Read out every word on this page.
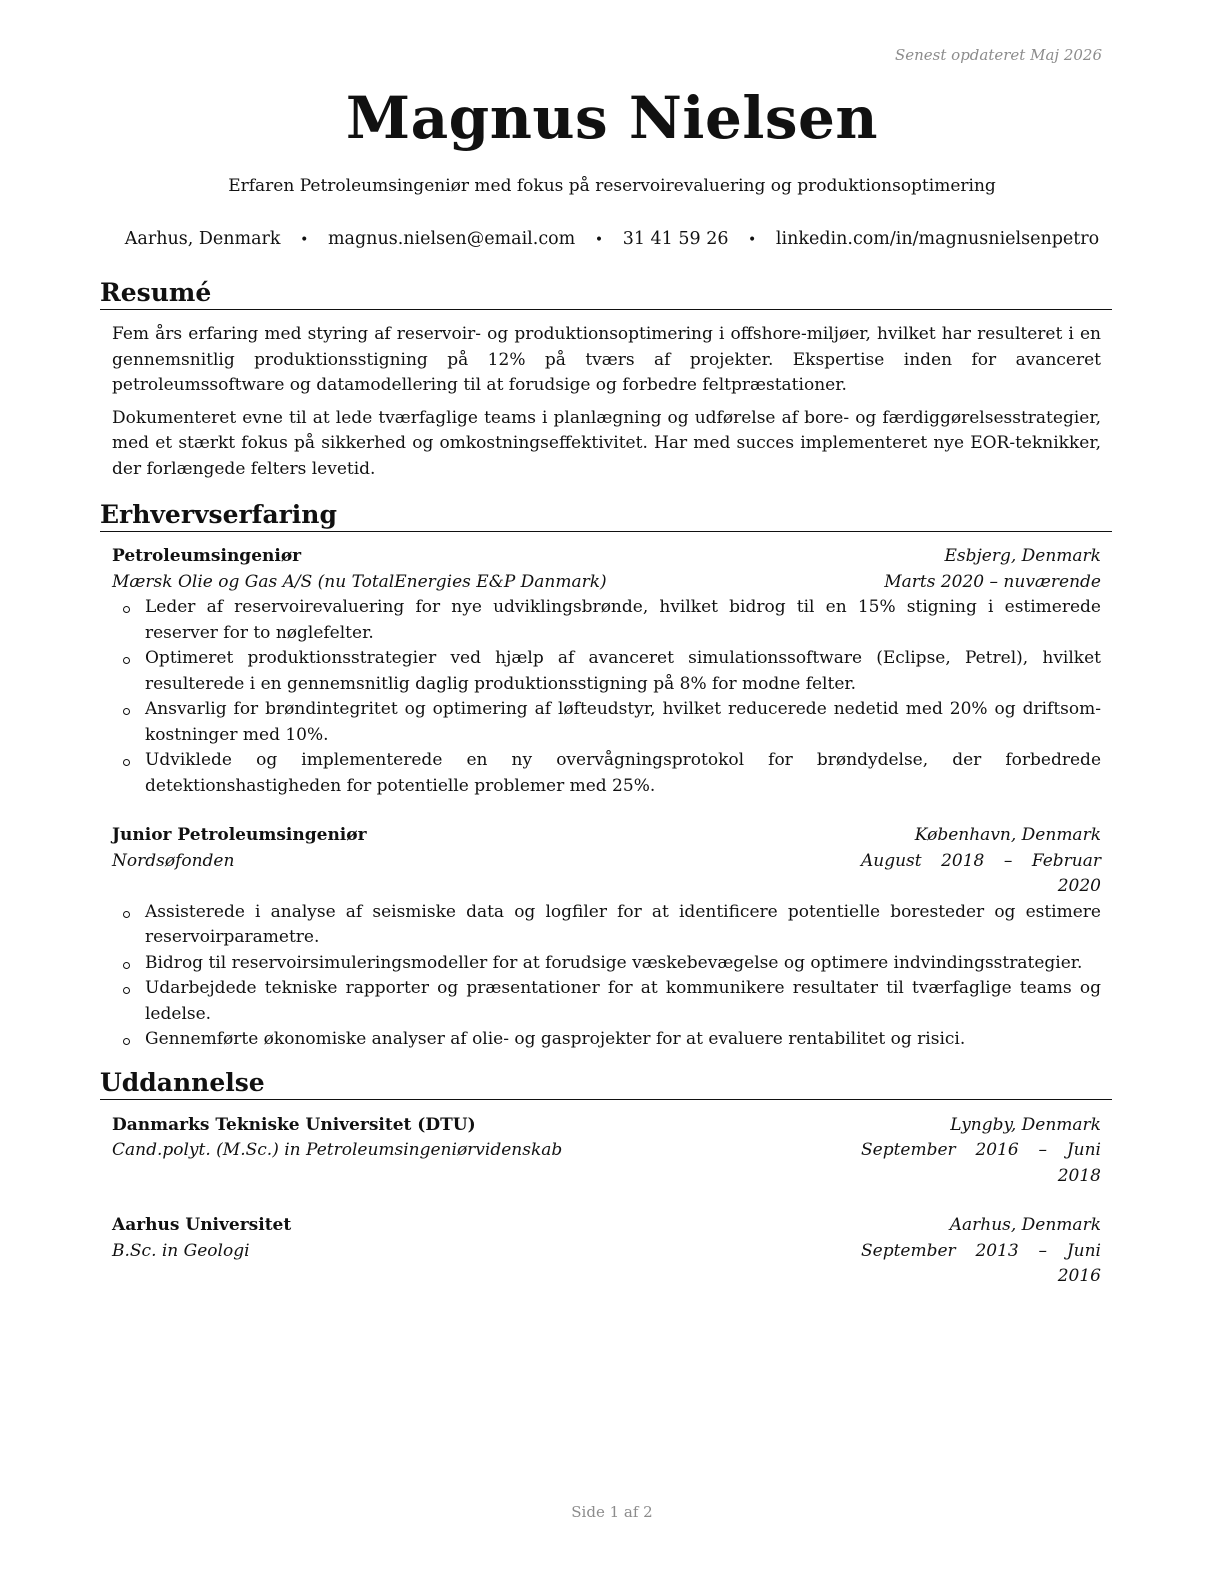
Senest opdateret Maj 2026
Magnus Nielsen
Erfaren Petroleumsingeniør med fokus på reservoirevaluering og produktionsoptimering
Aarhus, Denmark • magnus.nielsen@email.com • 31 41 59 26 • linkedin.com/in/magnusnielsenpetro
Resumé

Fem års erfaring med styring af reservoir- og produktionsoptimering i offshore-miljøer, hvilket har resulteret i en gennemsnitlig produktionsstigning på 12% på tværs af projekter. Ekspertise inden for avanceret petroleumssoftware og datamodellering til at forudsige og forbedre feltpræstationer.

Dokumenteret evne til at lede tværfaglige teams i planlægning og udførelse af bore- og færdiggørelsesstrategier, med et stærkt fokus på sikkerhed og omkostningseffektivitet. Har med succes implementeret nye EOR-teknikker, der forlængede felters levetid.

Erhvervserfaring
Petroleumsingeniør	Esbjerg, Denmark
Mærsk Olie og Gas A/S (nu TotalEnergies E&P Danmark)	Marts 2020 – nuværende
Leder af reservoirevaluering for nye udviklingsbrønde, hvilket bidrog til en 15% stigning i estimerede reserver for to nøglefelter.
Optimeret produktionsstrategier ved hjælp af avanceret simulationssoftware (Eclipse, Petrel), hvilket resulterede i en gennemsnitlig daglig produktionsstigning på 8% for modne felter.
Ansvarlig for brøndintegritet og optimering af løfteudstyr, hvilket reducerede nedetid med 20% og driftsomkostninger med 10%.
Udviklede og implementerede en ny overvågningsprotokol for brøndydelse, der forbedrede detektionshastigheden for potentielle problemer med 25%.
Junior Petroleumsingeniør	København, Denmark
Nordsøfonden	August 2018 – Februar 2020
Assisterede i analyse af seismiske data og logfiler for at identificere potentielle boresteder og estimere reservoirparametre.
Bidrog til reservoirsimuleringsmodeller for at forudsige væskebevægelse og optimere indvindingsstrategier.
Udarbejdede tekniske rapporter og præsentationer for at kommunikere resultater til tværfaglige teams og ledelse.
Gennemførte økonomiske analyser af olie- og gasprojekter for at evaluere rentabilitet og risici.
Uddannelse
Danmarks Tekniske Universitet (DTU)	Lyngby, Denmark
Cand.polyt. (M.Sc.) in Petroleumsingeniørvidenskab	September 2016 – Juni 2018
Aarhus Universitet	Aarhus, Denmark
B.Sc. in Geologi	September 2013 – Juni 2016
Side 1 af 2
